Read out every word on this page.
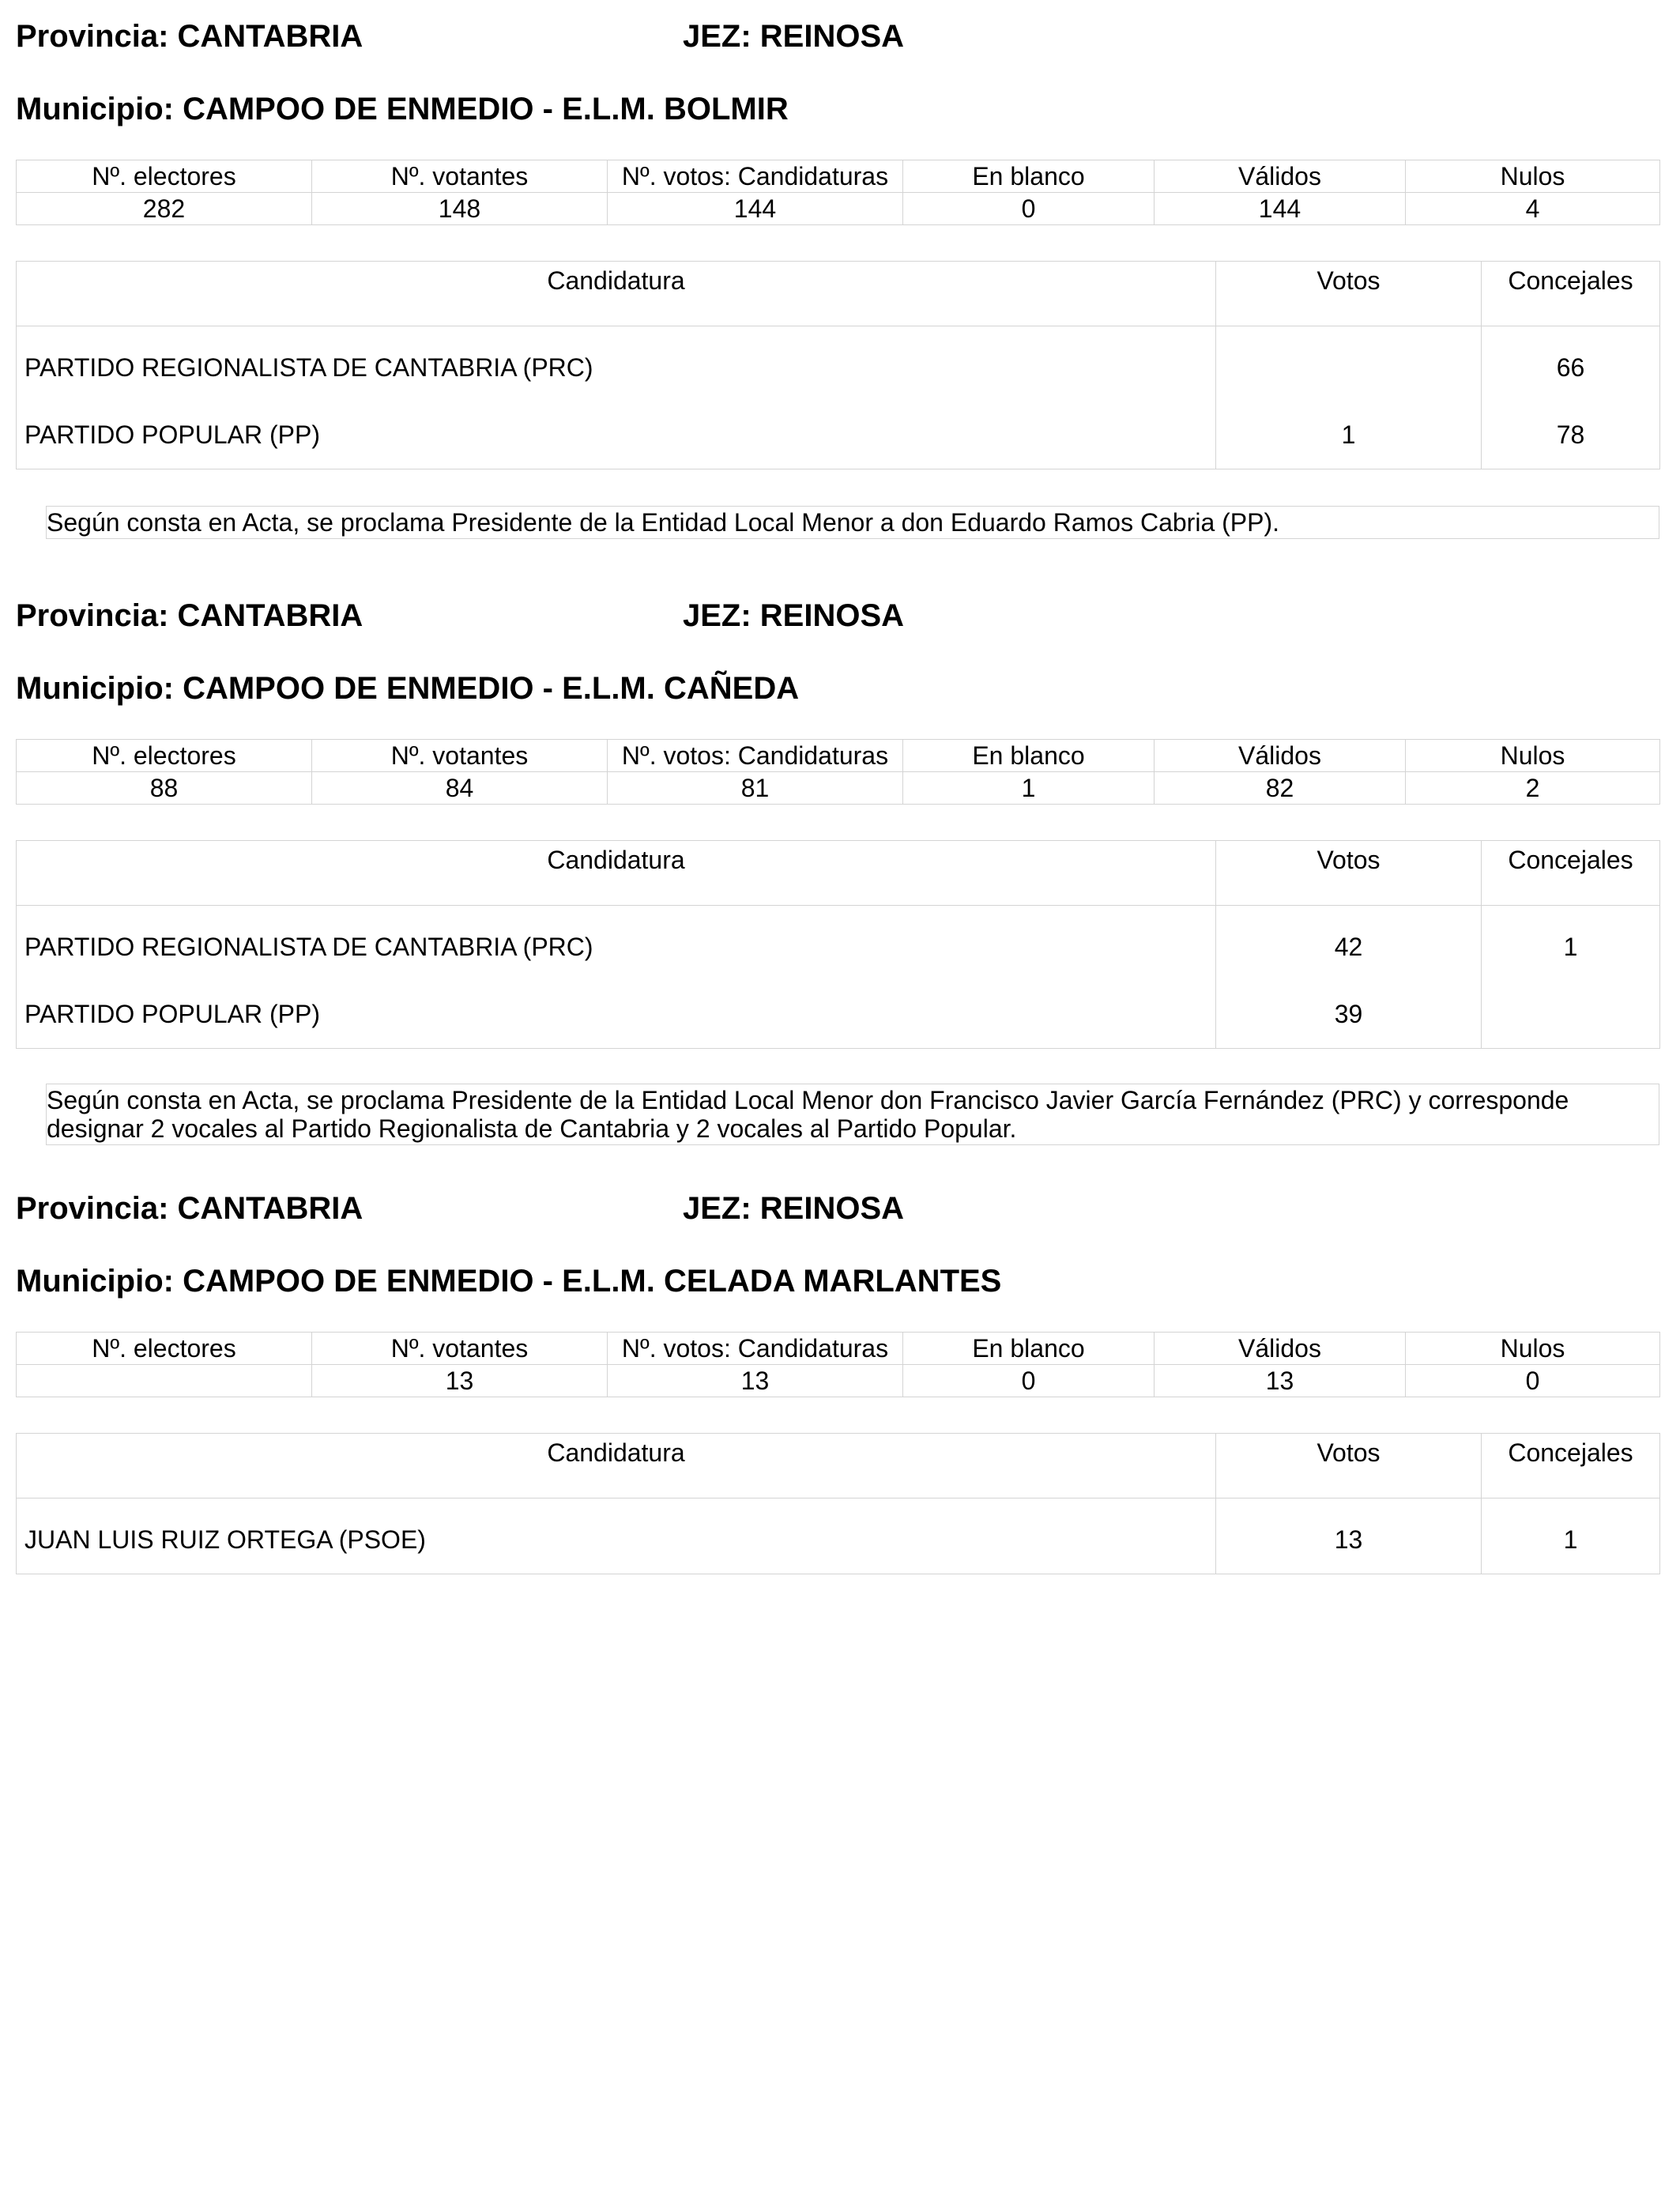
Provincia: CANTABRIA	JEZ: REINOSA
Municipio: CAMPOO DE ENMEDIO - E.L.M. BOLMIR
Nº. electores	Nº. votantes	Nº. votos: Candidaturas	En blanco	Válidos	Nulos
282	148	144	0	144	4
Candidatura	Votos	Concejales
PARTIDO REGIONALISTA DE CANTABRIA (PRC)		66
PARTIDO POPULAR (PP)	1	78
Según consta en Acta, se proclama Presidente de la Entidad Local Menor a don Eduardo Ramos Cabria (PP).
Provincia: CANTABRIA	JEZ: REINOSA
Municipio: CAMPOO DE ENMEDIO - E.L.M. CAÑEDA
Nº. electores	Nº. votantes	Nº. votos: Candidaturas	En blanco	Válidos	Nulos
88	84	81	1	82	2
Candidatura	Votos	Concejales
PARTIDO REGIONALISTA DE CANTABRIA (PRC)	42	1
PARTIDO POPULAR (PP)	39	
Según consta en Acta, se proclama Presidente de la Entidad Local Menor don Francisco Javier García Fernández (PRC) y corresponde designar 2 vocales al Partido Regionalista de Cantabria y 2 vocales al Partido Popular.
Provincia: CANTABRIA	JEZ: REINOSA
Municipio: CAMPOO DE ENMEDIO - E.L.M. CELADA MARLANTES
Nº. electores	Nº. votantes	Nº. votos: Candidaturas	En blanco	Válidos	Nulos
	13	13	0	13	0
Candidatura	Votos	Concejales
JUAN LUIS RUIZ ORTEGA (PSOE)	13	1
